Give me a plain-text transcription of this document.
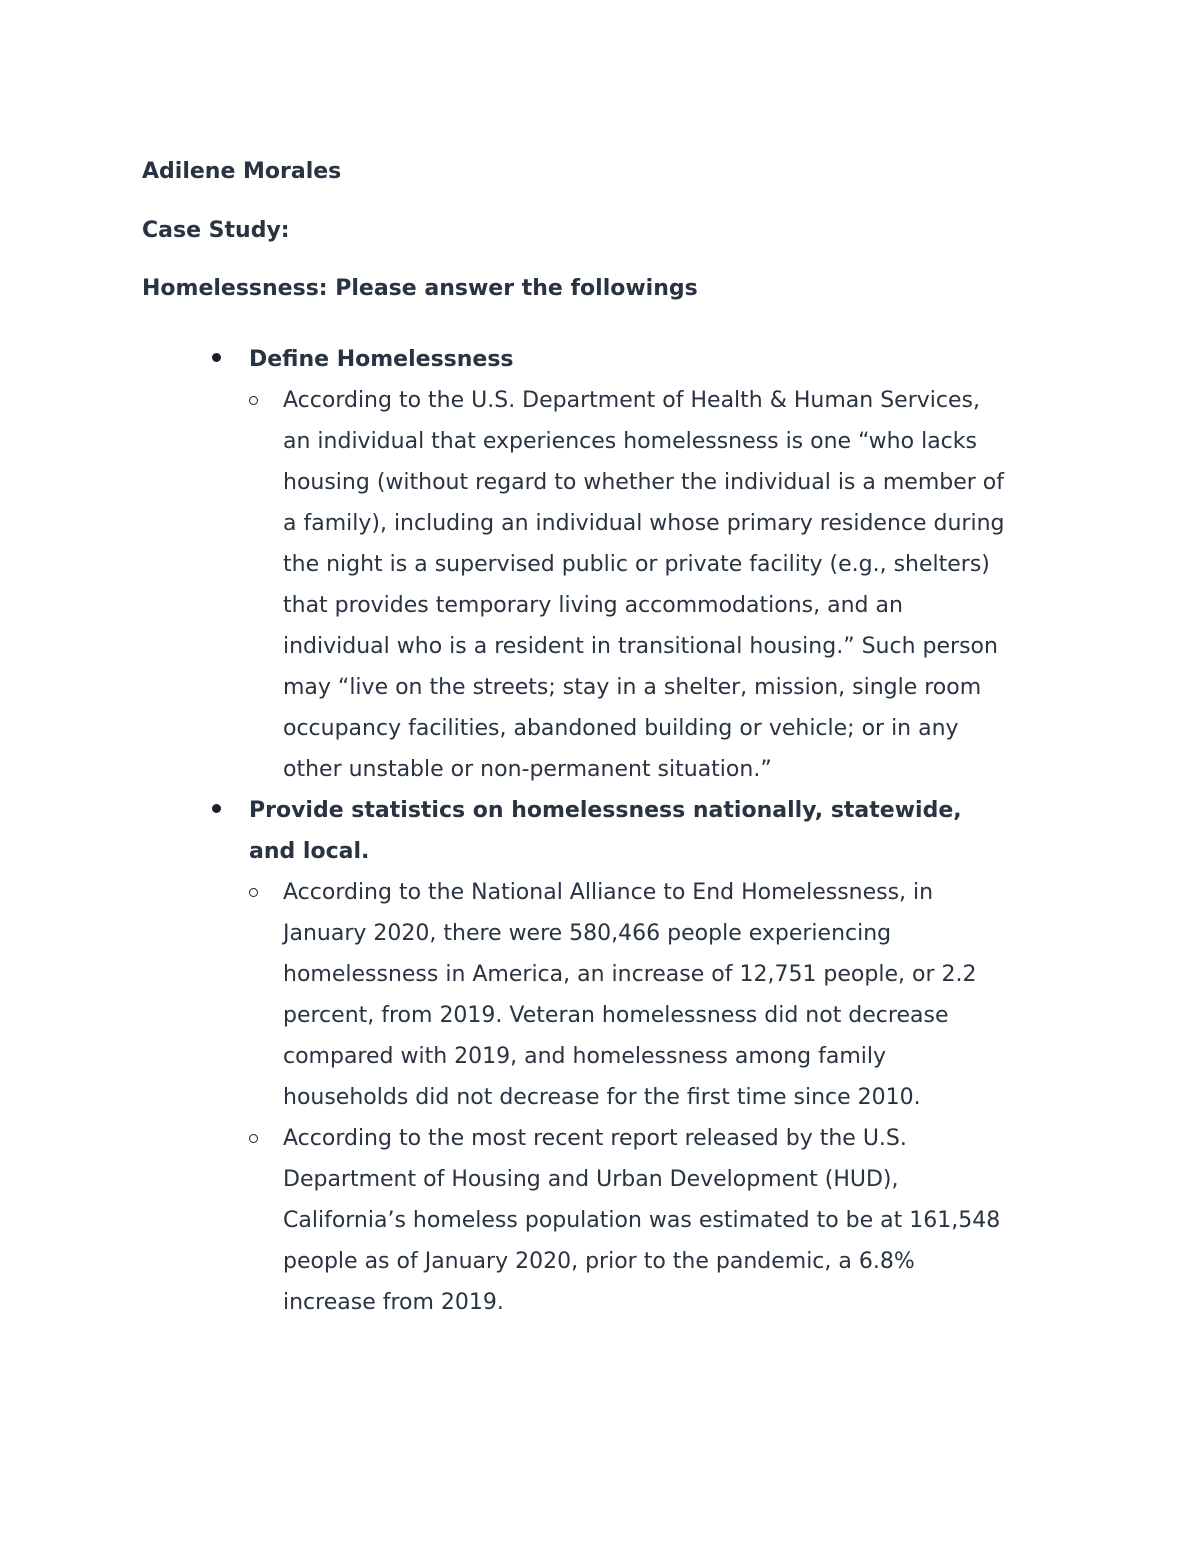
Adilene Morales
Case Study:
Homelessness: Please answer the followings
Define Homelessness
According to the U.S. Department of Health & Human Services,
an individual that experiences homelessness is one “who lacks
housing (without regard to whether the individual is a member of
a family), including an individual whose primary residence during
the night is a supervised public or private facility (e.g., shelters)
that provides temporary living accommodations, and an
individual who is a resident in transitional housing.” Such person
may “live on the streets; stay in a shelter, mission, single room
occupancy facilities, abandoned building or vehicle; or in any
other unstable or non-permanent situation.”
Provide statistics on homelessness nationally, statewide,
and local.
According to the National Alliance to End Homelessness, in
January 2020, there were 580,466 people experiencing
homelessness in America, an increase of 12,751 people, or 2.2
percent, from 2019. Veteran homelessness did not decrease
compared with 2019, and homelessness among family
households did not decrease for the first time since 2010.
According to the most recent report released by the U.S.
Department of Housing and Urban Development (HUD),
California’s homeless population was estimated to be at 161,548
people as of January 2020, prior to the pandemic, a 6.8%
increase from 2019.
